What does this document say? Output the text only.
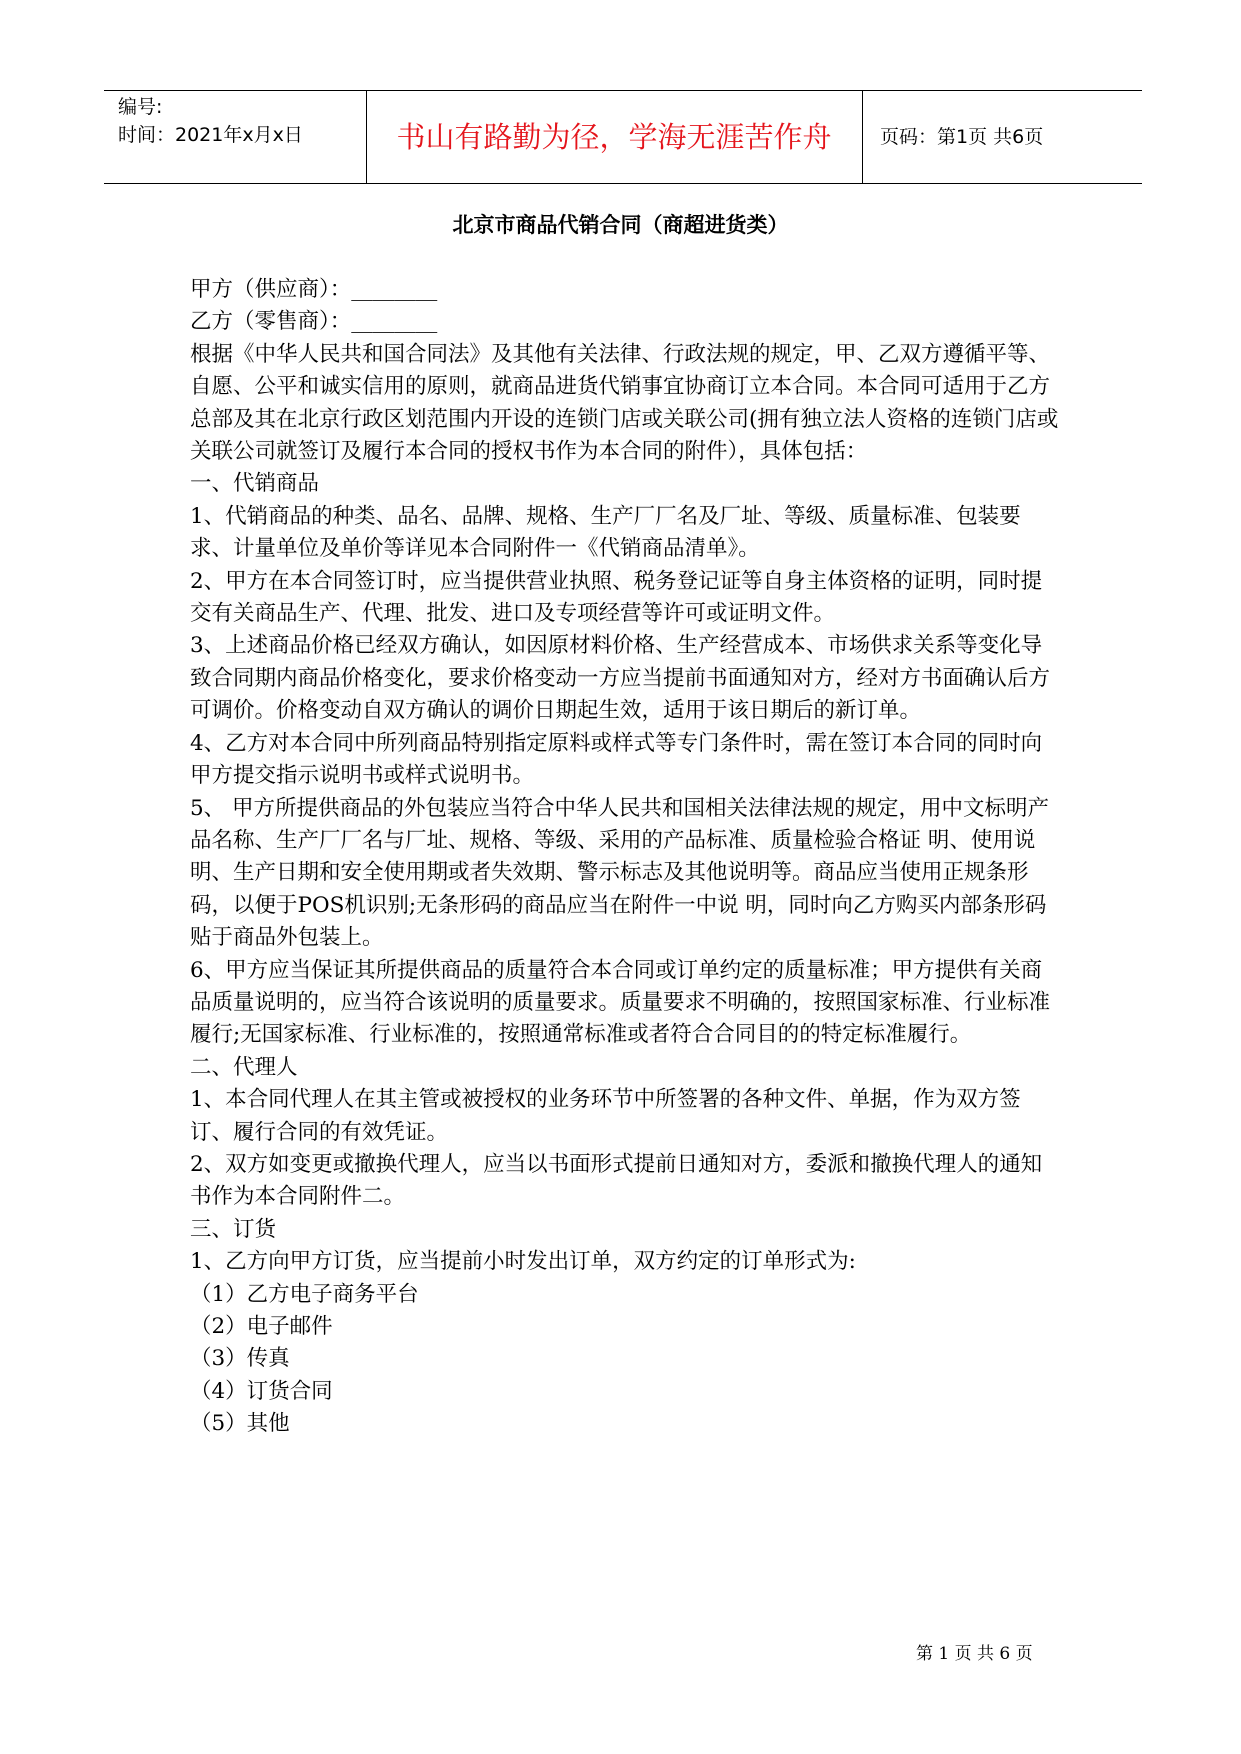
编号:
时间：2021年x月x日	书山有路勤为径，学海无涯苦作舟	页码：第1页 共6页
北京市商品代销合同（商超进货类）

甲方（供应商）：________

乙方（零售商）：________

根据《中华人民共和国合同法》及其他有关法律、行政法规的规定，甲、乙双方遵循平等、自愿、公平和诚实信用的原则，就商品进货代销事宜协商订立本合同。本合同可适用于乙方总部及其在北京行政区划范围内开设的连锁门店或关联公司(拥有独立法人资格的连锁门店或关联公司就签订及履行本合同的授权书作为本合同的附件），具体包括：

一、代销商品

1、代销商品的种类、品名、品牌、规格、生产厂厂名及厂址、等级、质量标准、包装要求、计量单位及单价等详见本合同附件一《代销商品清单》。

2、甲方在本合同签订时，应当提供营业执照、税务登记证等自身主体资格的证明，同时提交有关商品生产、代理、批发、进口及专项经营等许可或证明文件。

3、上述商品价格已经双方确认，如因原材料价格、生产经营成本、市场供求关系等变化导致合同期内商品价格变化，要求价格变动一方应当提前书面通知对方，经对方书面确认后方可调价。价格变动自双方确认的调价日期起生效，适用于该日期后的新订单。

4、乙方对本合同中所列商品特别指定原料或样式等专门条件时，需在签订本合同的同时向甲方提交指示说明书或样式说明书。

5、 甲方所提供商品的外包装应当符合中华人民共和国相关法律法规的规定，用中文标明产品名称、生产厂厂名与厂址、规格、等级、采用的产品标准、质量检验合格证 明、使用说明、生产日期和安全使用期或者失效期、警示标志及其他说明等。商品应当使用正规条形码，以便于POS机识别;无条形码的商品应当在附件一中说 明，同时向乙方购买内部条形码贴于商品外包装上。

6、甲方应当保证其所提供商品的质量符合本合同或订单约定的质量标准；甲方提供有关商品质量说明的，应当符合该说明的质量要求。质量要求不明确的，按照国家标准、行业标准履行;无国家标准、行业标准的，按照通常标准或者符合合同目的的特定标准履行。

二、代理人

1、本合同代理人在其主管或被授权的业务环节中所签署的各种文件、单据，作为双方签订、履行合同的有效凭证。

2、双方如变更或撤换代理人，应当以书面形式提前日通知对方，委派和撤换代理人的通知书作为本合同附件二。

三、订货

1、乙方向甲方订货，应当提前小时发出订单，双方约定的订单形式为:

（1）乙方电子商务平台

（2）电子邮件

（3）传真

（4）订货合同

（5）其他

第 1 页 共 6 页
